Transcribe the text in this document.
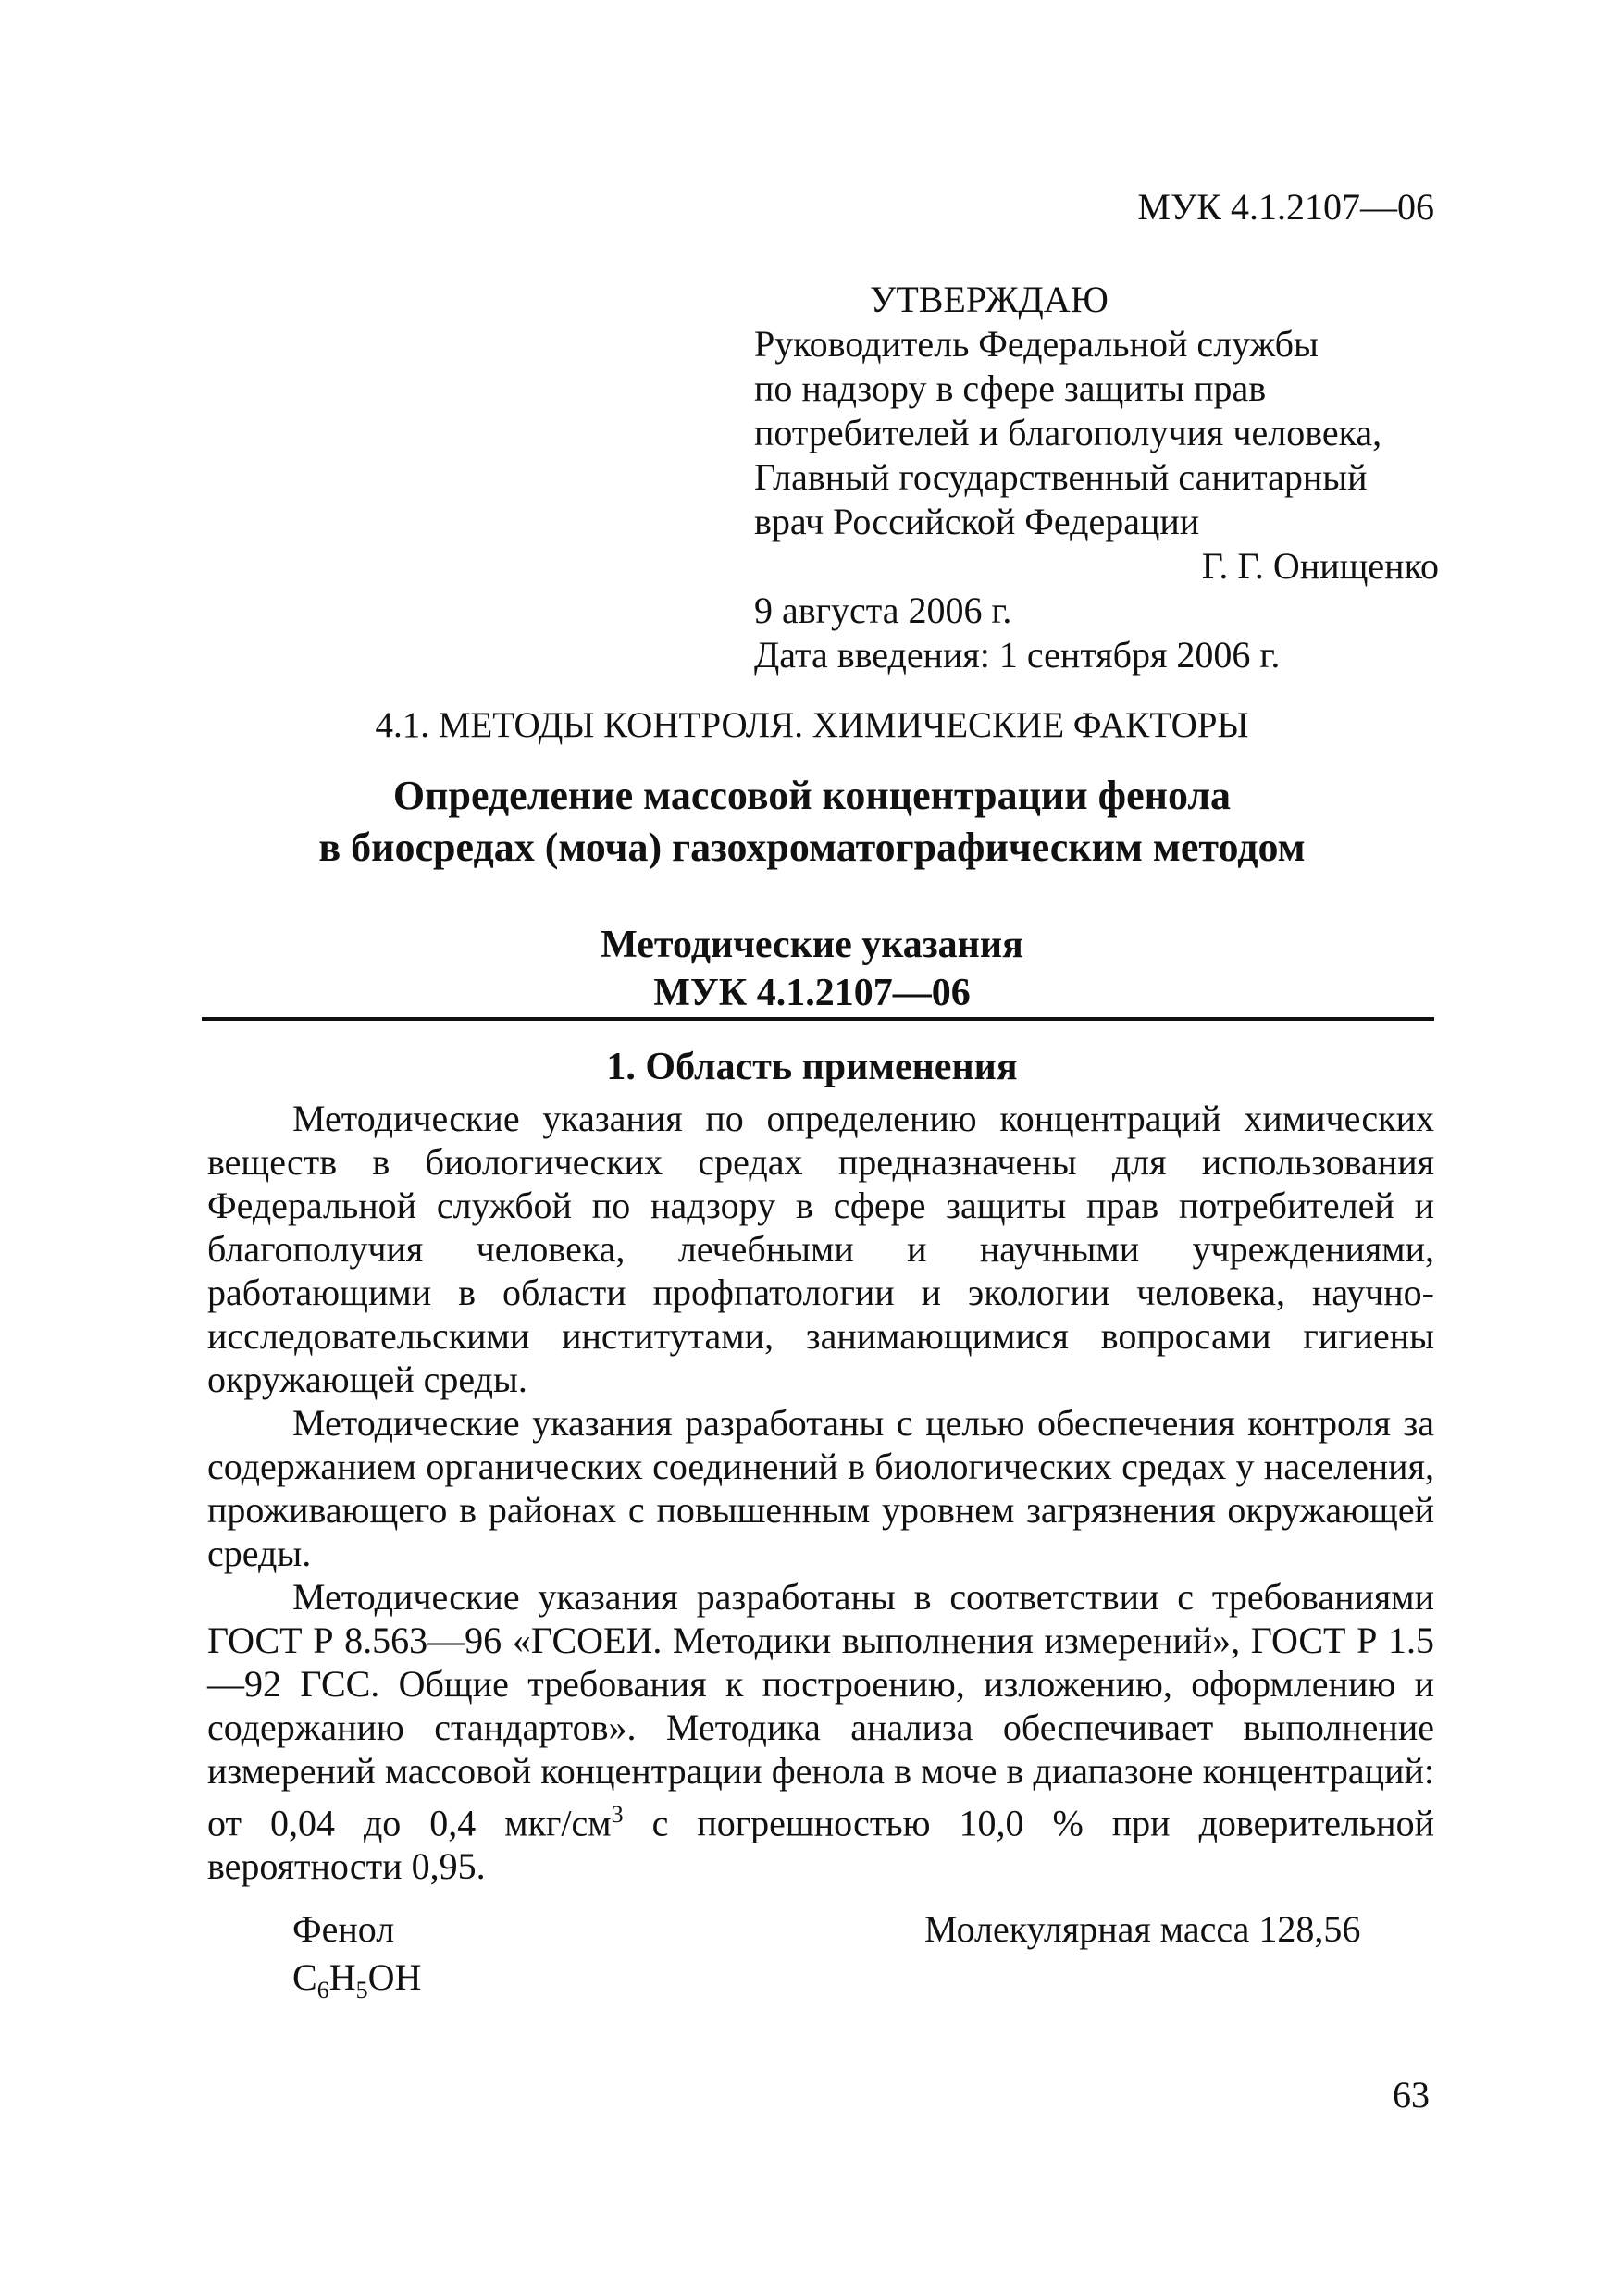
МУК 4.1.2107—06
УТВЕРЖДАЮ
Руководитель Федеральной службы
по надзору в сфере защиты прав
потребителей и благополучия человека,
Главный государственный санитарный
врач Российской Федерации
Г. Г. Онищенко
9 августа 2006 г.
Дата введения: 1 сентября 2006 г.
4.1. МЕТОДЫ КОНТРОЛЯ. ХИМИЧЕСКИЕ ФАКТОРЫ
Определение массовой концентрации фенола
в биосредах (моча) газохроматографическим методом
Методические указания
МУК 4.1.2107—06
1. Область применения

Методические указания по определению концентраций химических веществ в биологических средах предназначены для использования Федеральной службой по надзору в сфере защиты прав потребителей и благополучия человека, лечебными и научными учреждениями, работающими в области профпатологии и экологии человека, научно-исследовательскими институтами, занимающимися вопросами гигиены окружающей среды.

Методические указания разработаны с целью обеспечения контроля за содержанием органических соединений в биологических средах у населения, проживающего в районах с повышенным уровнем загрязнения окружающей среды.

Методические указания разработаны в соответствии с требованиями ГОСТ Р 8.563—96 «ГСОЕИ. Методики выполнения измерений», ГОСТ Р 1.5—92 ГСС. Общие требования к построению, изложению, оформлению и содержанию стандартов». Методика анализа обеспечивает выполнение измерений массовой концентрации фенола в моче в диапазоне концентраций: от 0,04 до 0,4 мкг/$см^3$ с погрешностью 10,0 % при доверительной вероятности 0,95.

Фенол	Молекулярная масса 128,56
$C_6H_5OH$
63
